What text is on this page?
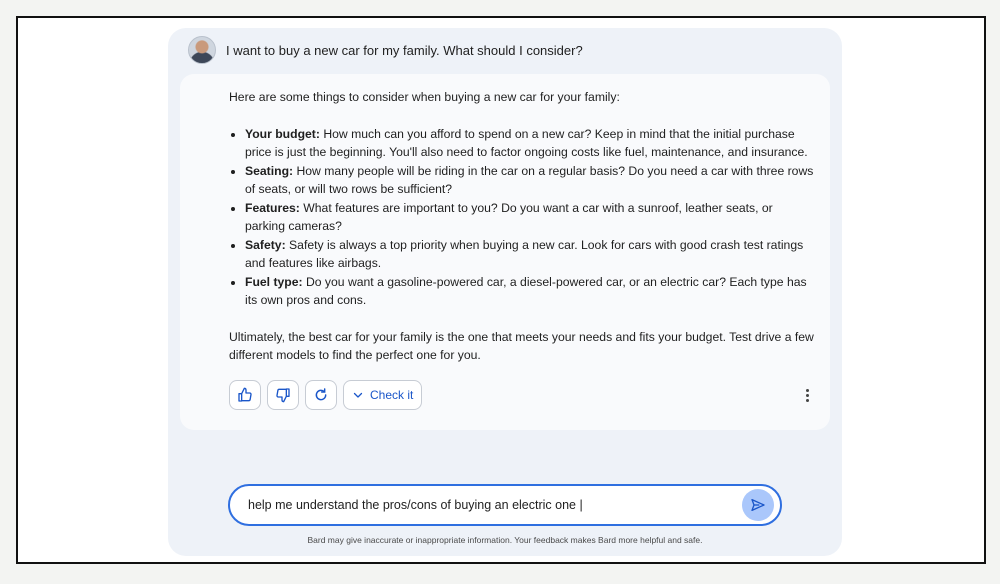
I want to buy a new car for my family. What should I consider?

Here are some things to consider when buying a new car for your family:

• Your budget: How much can you afford to spend on a new car? Keep in mind that the initial purchase price is just the beginning. You'll also need to factor ongoing costs like fuel, maintenance, and insurance.
• Seating: How many people will be riding in the car on a regular basis? Do you need a car with three rows of seats, or will two rows be sufficient?
• Features: What features are important to you? Do you want a car with a sunroof, leather seats, or parking cameras?
• Safety: Safety is always a top priority when buying a new car. Look for cars with good crash test ratings and features like airbags.
• Fuel type: Do you want a gasoline-powered car, a diesel-powered car, or an electric car? Each type has its own pros and cons.

Ultimately, the best car for your family is the one that meets your needs and fits your budget. Test drive a few different models to find the perfect one for you.

Check it
help me understand the pros/cons of buying an electric one |
Bard may give inaccurate or inappropriate information. Your feedback makes Bard more helpful and safe.
